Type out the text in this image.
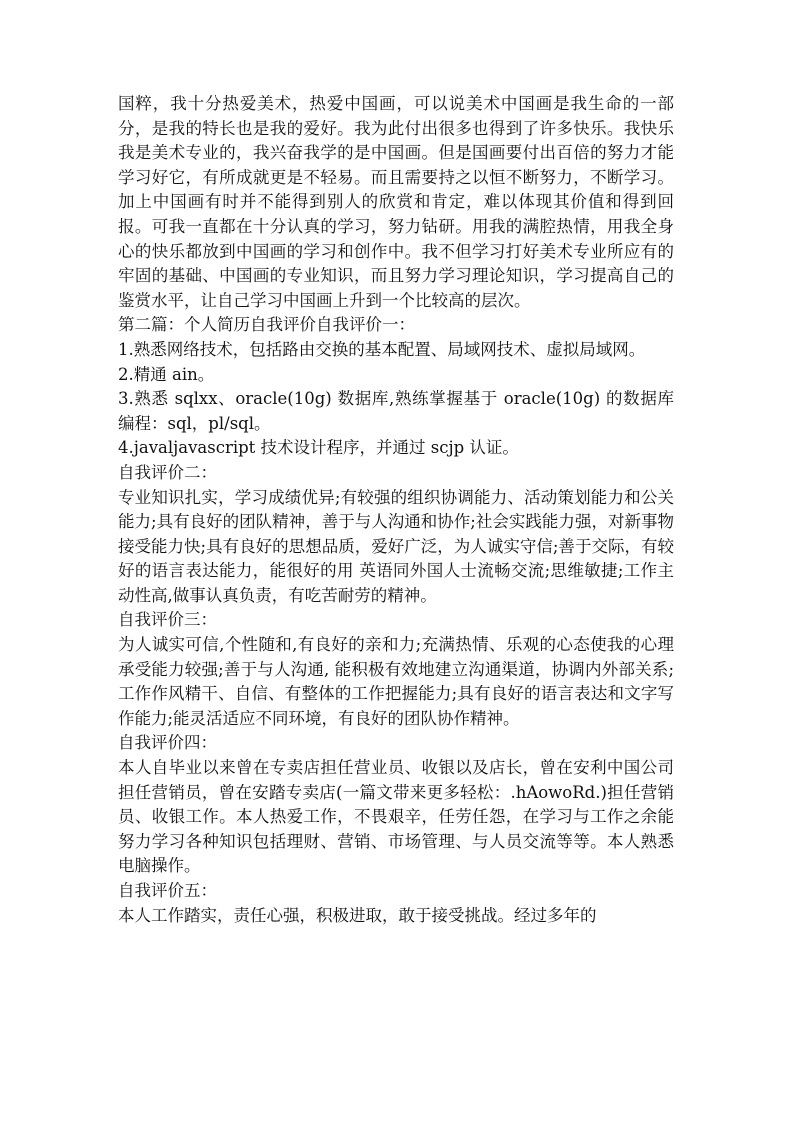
国粹，我十分热爱美术，热爱中国画，可以说美术中国画是我生命的一部分，是我的特长也是我的爱好。我为此付出很多也得到了许多快乐。我快乐我是美术专业的，我兴奋我学的是中国画。但是国画要付出百倍的努力才能学习好它，有所成就更是不轻易。而且需要持之以恒不断努力，不断学习。加上中国画有时并不能得到别人的欣赏和肯定，难以体现其价值和得到回报。可我一直都在十分认真的学习，努力钻研。用我的满腔热情，用我全身心的快乐都放到中国画的学习和创作中。我不但学习打好美术专业所应有的牢固的基础、中国画的专业知识，而且努力学习理论知识，学习提高自己的鉴赏水平，让自己学习中国画上升到一个比较高的层次。

第二篇：个人简历自我评价自我评价一：

1.熟悉网络技术，包括路由交换的基本配置、局域网技术、虚拟局域网。

2.精通 ain。

3.熟悉 sqlxx、oracle(10g) 数据库,熟练掌握基于 oracle(10g) 的数据库编程：sql，pl/sql。

4.javaljavascript 技术设计程序，并通过 scjp 认证。

自我评价二：

专业知识扎实，学习成绩优异;有较强的组织协调能力、活动策划能力和公关能力;具有良好的团队精神，善于与人沟通和协作;社会实践能力强，对新事物接受能力快;具有良好的思想品质，爱好广泛，为人诚实守信;善于交际，有较好的语言表达能力，能很好的用 英语同外国人士流畅交流;思维敏捷;工作主动性高,做事认真负责，有吃苦耐劳的精神。

自我评价三：

为人诚实可信,个性随和,有良好的亲和力;充满热情、乐观的心态使我的心理承受能力较强;善于与人沟通, 能积极有效地建立沟通渠道，协调内外部关系;工作作风精干、自信、有整体的工作把握能力;具有良好的语言表达和文字写作能力;能灵活适应不同环境，有良好的团队协作精神。

自我评价四：

本人自毕业以来曾在专卖店担任营业员、收银以及店长，曾在安利中国公司担任营销员，曾在安踏专卖店(一篇文带来更多轻松：.hAowoRd.)担任营销员、收银工作。本人热爱工作，不畏艰辛，任劳任怨，在学习与工作之余能努力学习各种知识包括理财、营销、市场管理、与人员交流等等。本人熟悉电脑操作。

自我评价五：

本人工作踏实，责任心强，积极进取，敢于接受挑战。经过多年的
